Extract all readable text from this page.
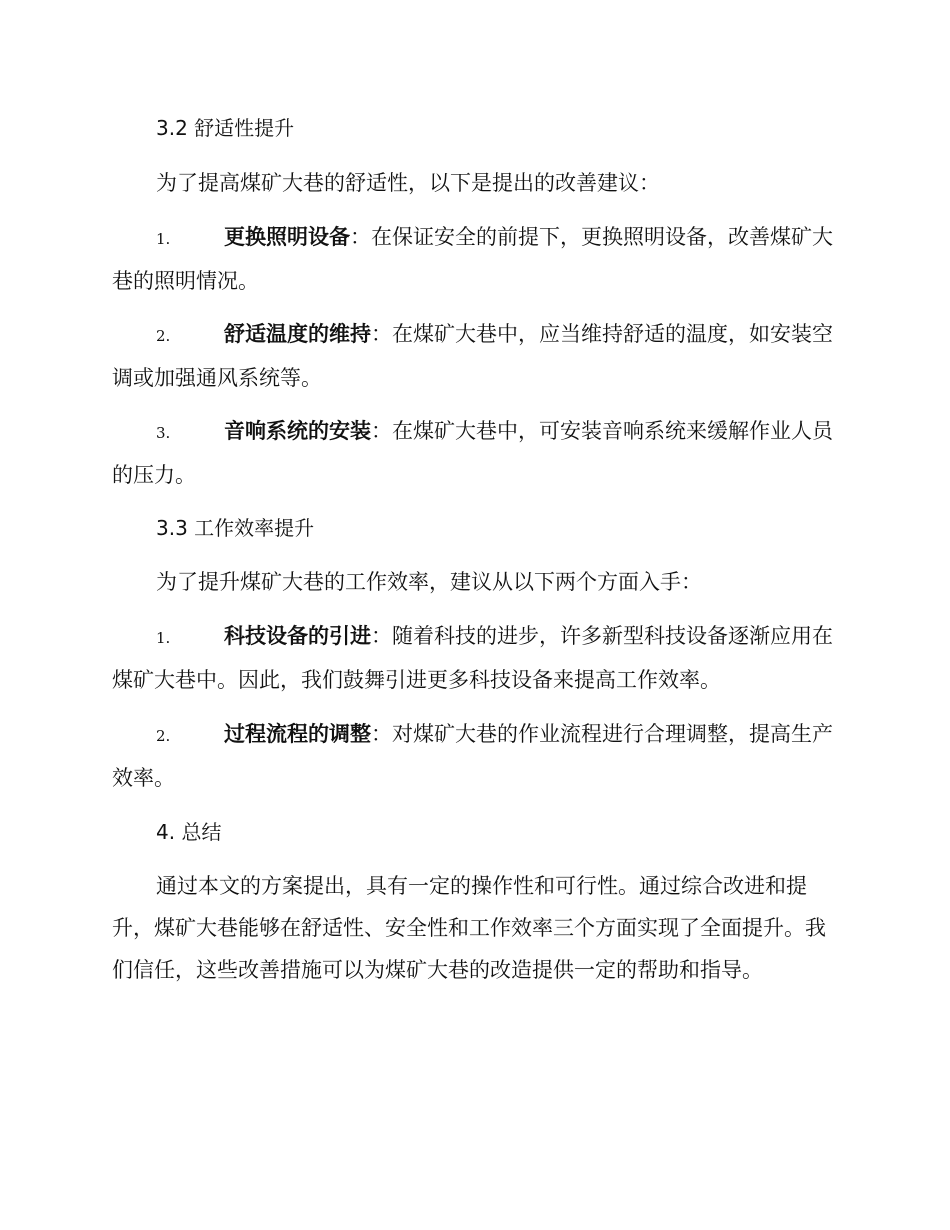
3.2 舒适性提升

为了提高煤矿大巷的舒适性，以下是提出的改善建议：

1.	更换照明设备：在保证安全的前提下，更换照明设备，改善煤矿大巷的照明情况。

2.	舒适温度的维持：在煤矿大巷中，应当维持舒适的温度，如安装空调或加强通风系统等。

3.	音响系统的安装：在煤矿大巷中，可安装音响系统来缓解作业人员的压力。

3.3 工作效率提升

为了提升煤矿大巷的工作效率，建议从以下两个方面入手：

1.	科技设备的引进：随着科技的进步，许多新型科技设备逐渐应用在煤矿大巷中。因此，我们鼓舞引进更多科技设备来提高工作效率。

2.	过程流程的调整：对煤矿大巷的作业流程进行合理调整，提高生产效率。

4. 总结

通过本文的方案提出，具有一定的操作性和可行性。通过综合改进和提升，煤矿大巷能够在舒适性、安全性和工作效率三个方面实现了全面提升。我们信任，这些改善措施可以为煤矿大巷的改造提供一定的帮助和指导。
